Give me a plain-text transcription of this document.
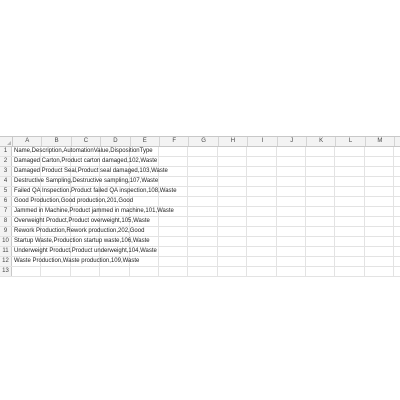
A	B	C	D	E	F	G	H	I	J	K	L	M
1	Name,Description,AutomationValue,DispositionType
2	Damaged Carton,Product carton damaged,102,Waste
3	Damaged Product Seal,Product seal damaged,103,Waste
4	Destructive Sampling,Destructive sampling,107,Waste
5	Failed QA Inspection,Product failed QA inspection,108,Waste
6	Good Production,Good production,201,Good
7	Jammed in Machine,Product jammed in machine,101,Waste
8	Overweight Product,Product overweight,105,Waste
9	Rework Production,Rework production,202,Good
10 Startup Waste,Production startup waste,106,Waste
11 Underweight Product,Product underweight,104,Waste
12 Waste Production,Waste production,109,Waste
13
